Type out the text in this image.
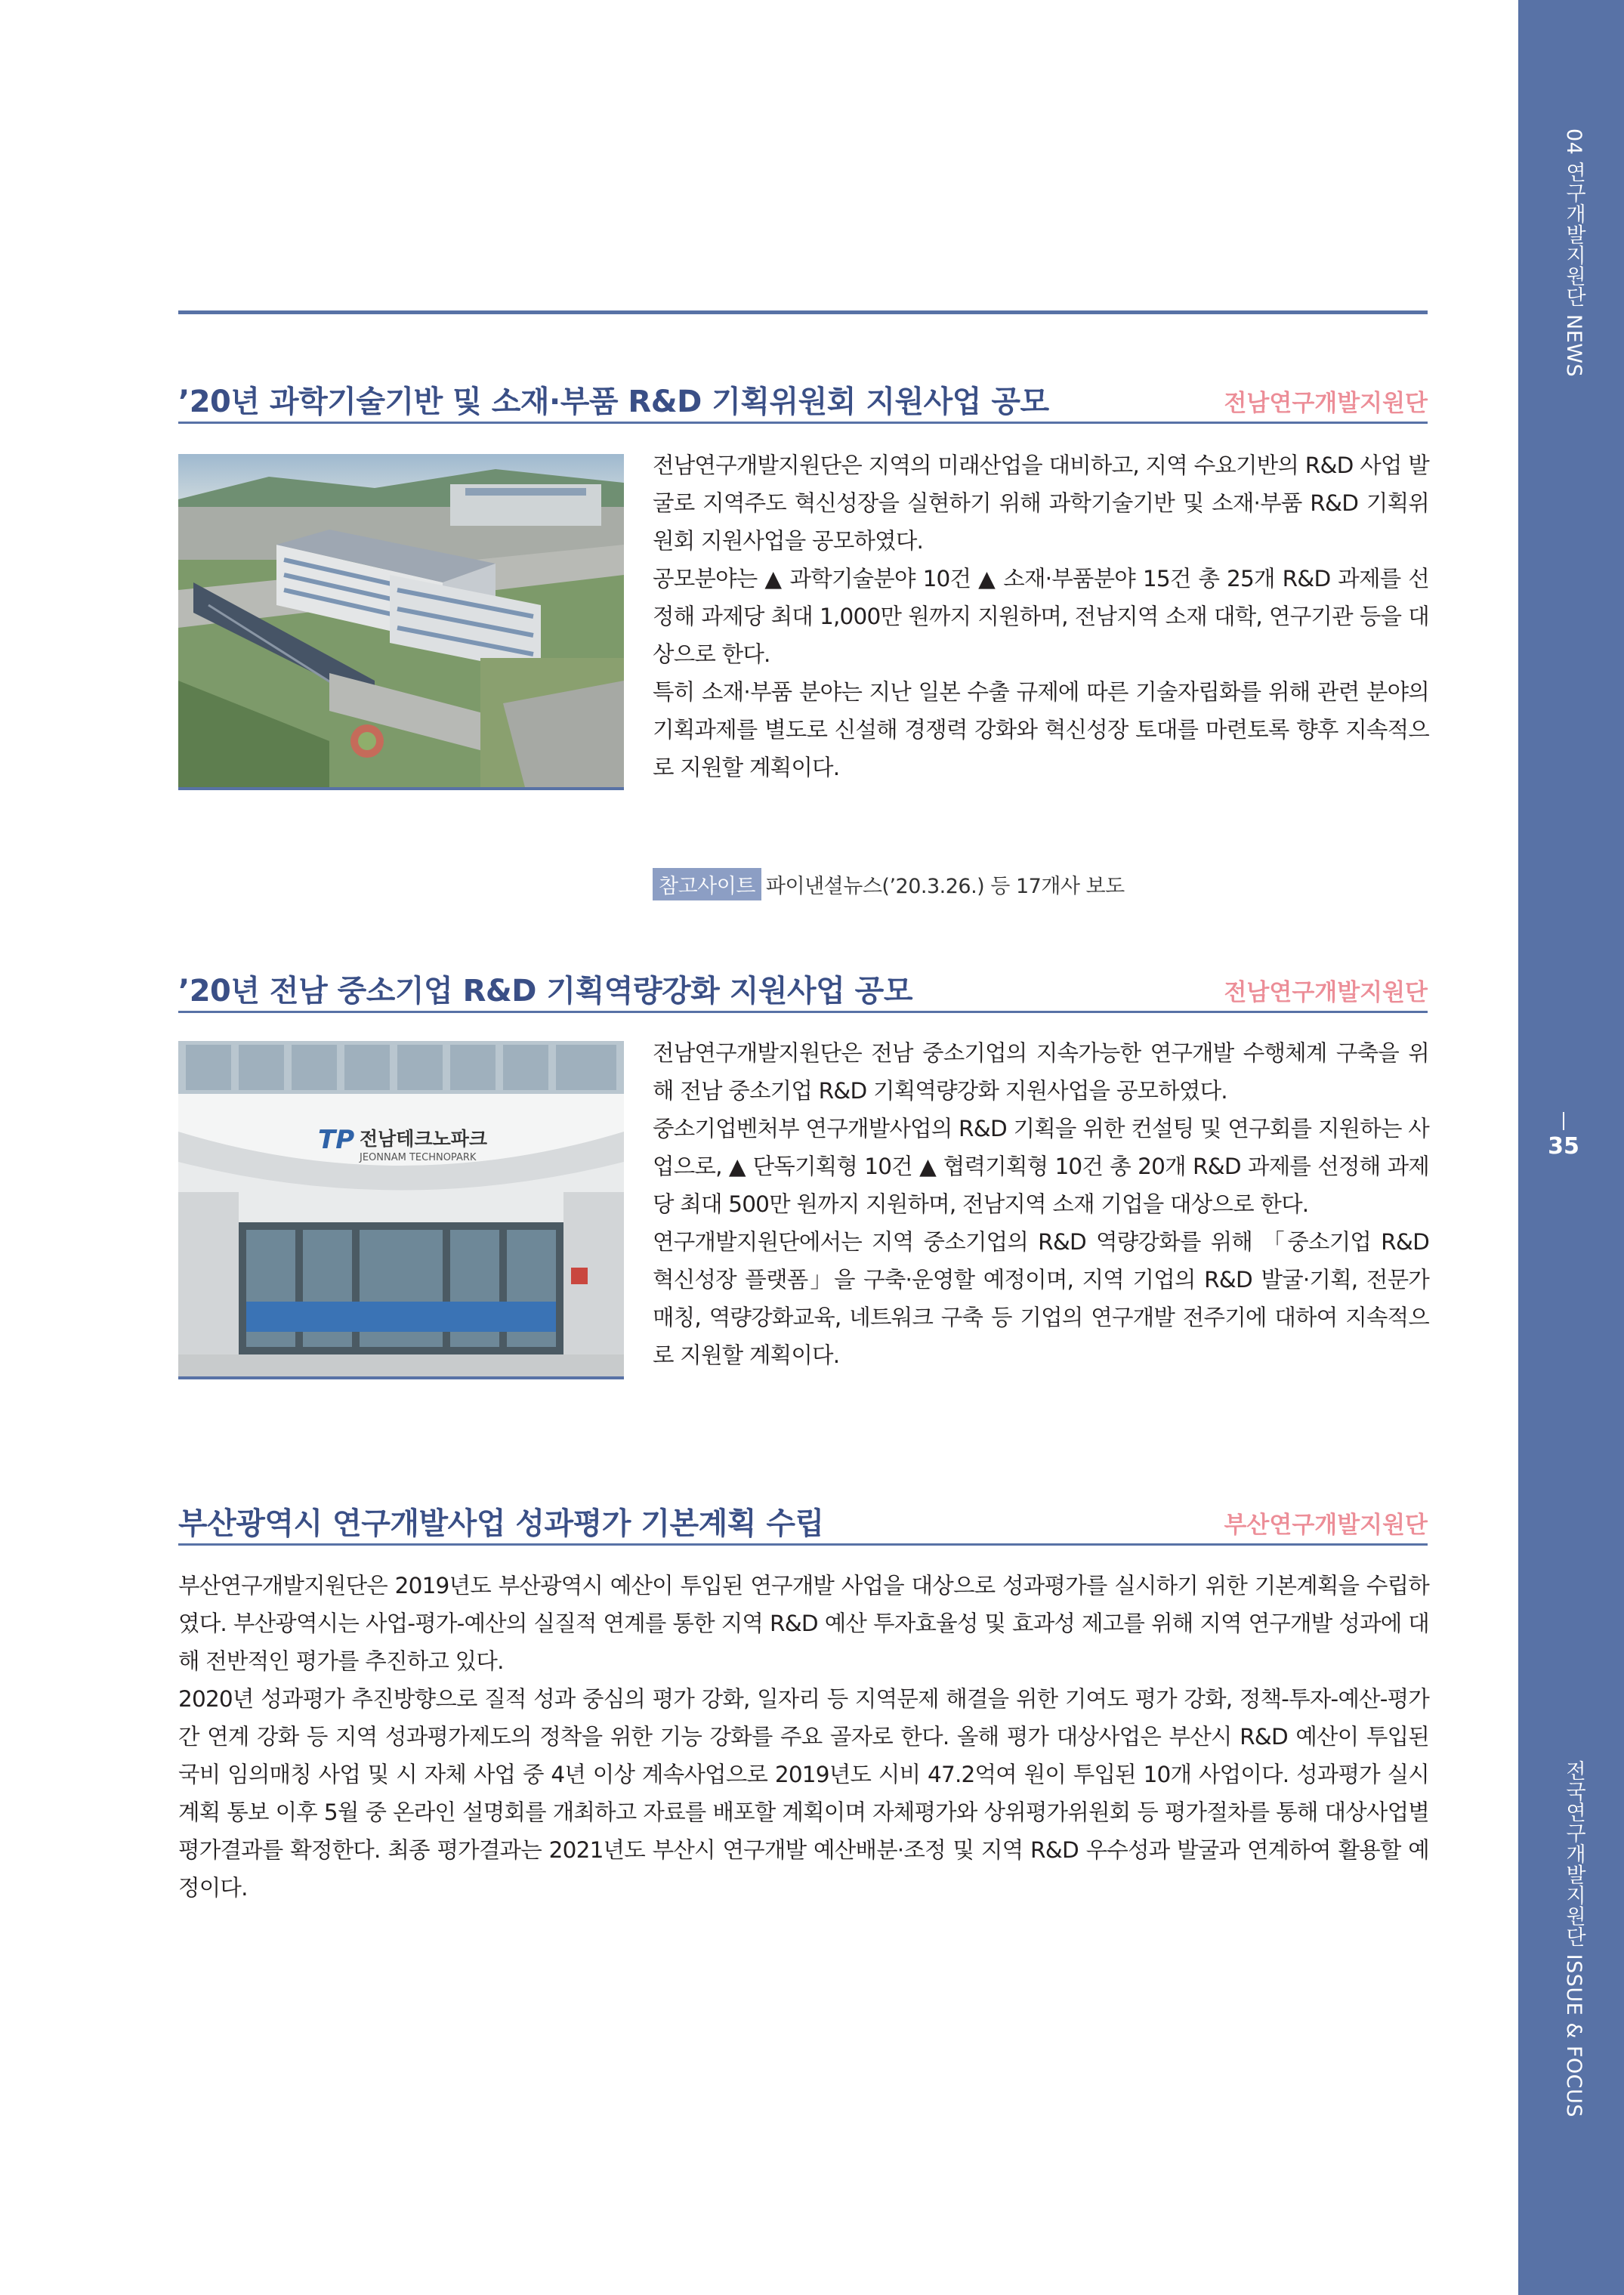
04 연구개발지원단 NEWS
35
전국연구개발지원단 ISSUE & FOCUS
’20년 과학기술기반 및 소재·부품 R&D 기획위원회 지원사업 공모	전남연구개발지원단

전남연구개발지원단은 지역의 미래산업을 대비하고, 지역 수요기반의 R&D 사업 발굴로 지역주도 혁신성장을 실현하기 위해 과학기술기반 및 소재·부품 R&D 기획위원회 지원사업을 공모하였다.

공모분야는 ▲ 과학기술분야 10건 ▲ 소재·부품분야 15건 총 25개 R&D 과제를 선정해 과제당 최대 1,000만 원까지 지원하며, 전남지역 소재 대학, 연구기관 등을 대상으로 한다.

특히 소재·부품 분야는 지난 일본 수출 규제에 따른 기술자립화를 위해 관련 분야의 기획과제를 별도로 신설해 경쟁력 강화와 혁신성장 토대를 마련토록 향후 지속적으로 지원할 계획이다.

참고사이트 파이낸셜뉴스(’20.3.26.) 등 17개사 보도
’20년 전남 중소기업 R&D 기획역량강화 지원사업 공모	전남연구개발지원단
TP 전남테크노파크
JEONNAM TECHNOPARK

전남연구개발지원단은 전남 중소기업의 지속가능한 연구개발 수행체계 구축을 위해 전남 중소기업 R&D 기획역량강화 지원사업을 공모하였다.

중소기업벤처부 연구개발사업의 R&D 기획을 위한 컨설팅 및 연구회를 지원하는 사업으로, ▲ 단독기획형 10건 ▲ 협력기획형 10건 총 20개 R&D 과제를 선정해 과제당 최대 500만 원까지 지원하며, 전남지역 소재 기업을 대상으로 한다.

연구개발지원단에서는 지역 중소기업의 R&D 역량강화를 위해 「중소기업 R&D 혁신성장 플랫폼」을 구축·운영할 예정이며, 지역 기업의 R&D 발굴·기획, 전문가 매칭, 역량강화교육, 네트워크 구축 등 기업의 연구개발 전주기에 대하여 지속적으로 지원할 계획이다.

부산광역시 연구개발사업 성과평가 기본계획 수립	부산연구개발지원단

부산연구개발지원단은 2019년도 부산광역시 예산이 투입된 연구개발 사업을 대상으로 성과평가를 실시하기 위한 기본계획을 수립하였다. 부산광역시는 사업-평가-예산의 실질적 연계를 통한 지역 R&D 예산 투자효율성 및 효과성 제고를 위해 지역 연구개발 성과에 대해 전반적인 평가를 추진하고 있다.

2020년 성과평가 추진방향으로 질적 성과 중심의 평가 강화, 일자리 등 지역문제 해결을 위한 기여도 평가 강화, 정책-투자-예산-평가 간 연계 강화 등 지역 성과평가제도의 정착을 위한 기능 강화를 주요 골자로 한다. 올해 평가 대상사업은 부산시 R&D 예산이 투입된 국비 임의매칭 사업 및 시 자체 사업 중 4년 이상 계속사업으로 2019년도 시비 47.2억여 원이 투입된 10개 사업이다. 성과평가 실시계획 통보 이후 5월 중 온라인 설명회를 개최하고 자료를 배포할 계획이며 자체평가와 상위평가위원회 등 평가절차를 통해 대상사업별 평가결과를 확정한다. 최종 평가결과는 2021년도 부산시 연구개발 예산배분·조정 및 지역 R&D 우수성과 발굴과 연계하여 활용할 예정이다.
